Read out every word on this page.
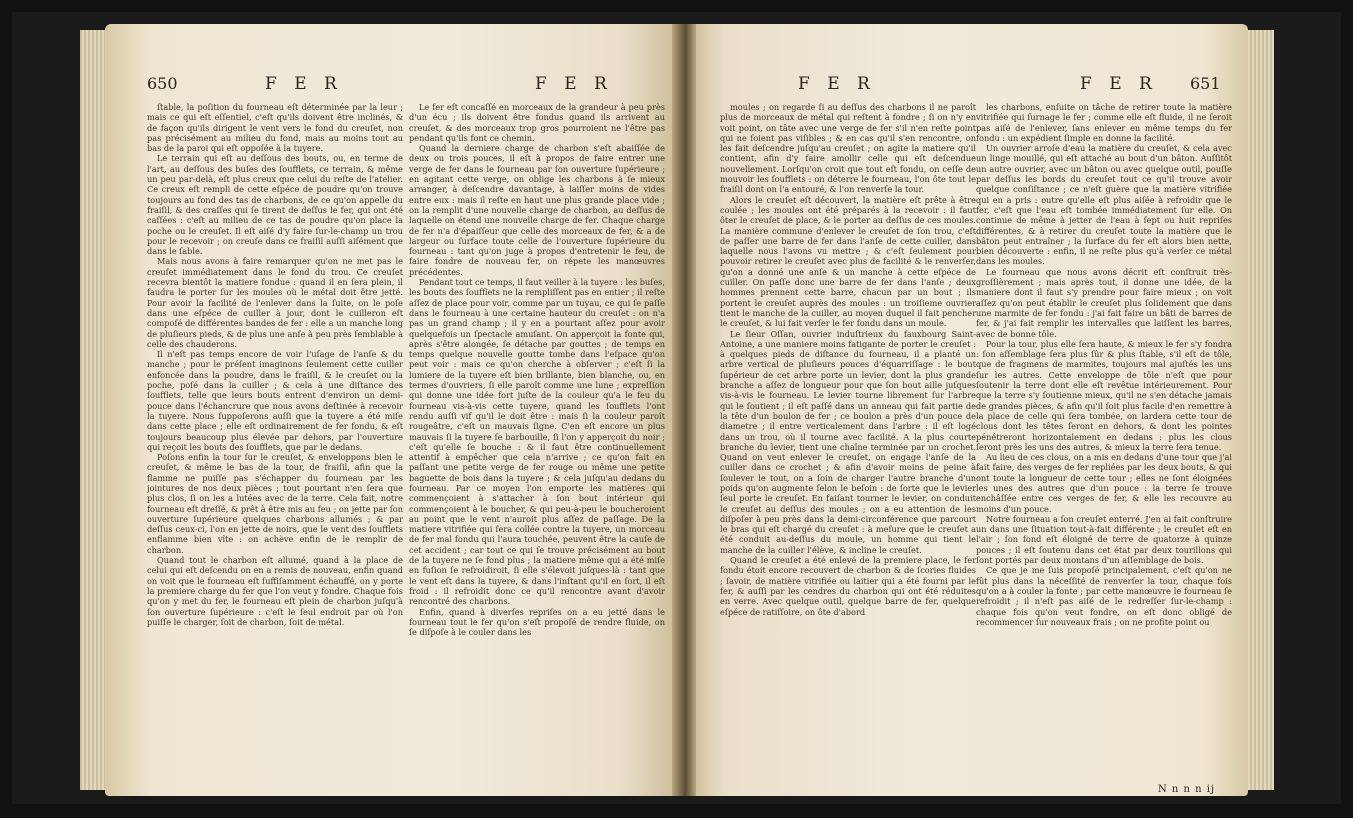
650	F E R	F E R

ſtable, la poſition du fourneau eſt déterminée par la leur ; mais ce qui eſt eſſentiel, c'eſt qu'ils doivent être inclinés, & de façon qu'ils dirigent le vent vers le fond du creuſet, non pas précisément au milieu du fond, mais au moins tout au bas de la paroi qui eſt oppoſée à la tuyere.

Le terrain qui eſt au deſſous des bouts, ou, en terme de l'art, au deſſous des buſes des ſoufflets, ce terrain, & même un peu par-delà, eſt plus creux que celui du reſte de l'atelier. Ce creux eſt rempli de cette eſpéce de poudre qu'on trouve toujours au fond des tas de charbons, de ce qu'on appelle du fraiſil, & des craſſes qui ſe tirent de deſſus le fer, qui ont été caſſées : c'eſt au milieu de ce tas de poudre qu'on place la poche ou le creuſet. Il eſt aiſé d'y faire ſur-le-champ un trou pour le recevoir ; on creuſe dans ce fraiſil auſſi aiſément que dans le ſable.

Mais nous avons à faire remarquer qu'on ne met pas le creuſet immédiatement dans le fond du trou. Ce creuſet recevra bientôt la matiere fondue : quand il en ſera plein, il faudra le porter ſur les moules où le métal doit être jetté. Pour avoir la facilité de l'enlever dans la ſuite, on le poſe dans une eſpéce de cuiller à jour, dont le cuilleron eſt compoſé de différentes bandes de fer : elle a un manche long de pluſieurs pieds, & de plus une anſe à peu près ſemblable à celle des chauderons.

Il n'eſt pas temps encore de voir l'uſage de l'anſe & du manche ; pour le préſent imaginons ſeulement cette cuiller enfoncée dans la poudre, dans le fraiſil, & le creuſet ou la poche, poſé dans la cuiller ; & cela à une diſtance des ſoufflets, telle que leurs bouts entrent d'environ un demi-pouce dans l'échancrure que nous avons deſtinée à recevoir la tuyere. Nous ſuppoſerons auſſi que la tuyere a été miſe dans cette place ; elle eſt ordinairement de fer fondu, & eſt toujours beaucoup plus élevée par dehors, par l'ouverture qui reçoit les bouts des ſoufflets, que par le dedans.

Poſons enfin la tour ſur le creuſet, & enveloppons bien le creuſet, & même le bas de la tour, de fraiſil, afin que la flamme ne puiſſe pas s'échapper du fourneau par les jointures de nos deux pièces ; tout pourtant n'en ſera que plus clos, ſi on les a lutées avec de la terre. Cela fait, notre fourneau eſt dreſſé, & prêt à être mis au feu ; on jette par ſon ouverture ſupérieure quelques charbons allumés ; & par deſſus ceux-ci, l'on en jette de noirs, que le vent des ſoufflets enflamme bien vîte : on achève enfin de le remplir de charbon.

Quand tout le charbon eſt allumé, quand à la place de celui qui eſt deſcendu on en a remis de nouveau, enfin quand on voit que le fourneau eſt ſuffiſamment échauffé, on y porte la premiere charge du fer que l'on veut y fondre. Chaque fois qu'on y met du fer, le fourneau eſt plein de charbon juſqu'à ſon ouverture ſupérieure : c'eſt le ſeul endroit par où l'on puiſſe le charger, ſoit de charbon, ſoit de métal.

Le fer eſt concaſſé en morceaux de la grandeur à peu près d'un écu ; ils doivent être fondus quand ils arrivent au creuſet, & des morceaux trop gros pourroient ne l'être pas pendant qu'ils font ce chemin.

Quand la derniere charge de charbon s'eſt abaiſſée de deux ou trois pouces, il eſt à propos de faire entrer une verge de fer dans le fourneau par ſon ouverture ſupérieure ; en agitant cette verge, on oblige les charbons à ſe mieux arranger, à deſcendre davantage, à laiſſer moins de vides entre eux : mais il reſte en haut une plus grande place vide ; on la remplit d'une nouvelle charge de charbon, au deſſus de laquelle on étend une nouvelle charge de fer. Chaque charge de fer n'a d'épaiſſeur que celle des morceaux de fer, & a de largeur ou ſurface toute celle de l'ouverture ſupérieure du fourneau : tant qu'on juge à propos d'entretenir le feu, de faire fondre de nouveau fer, on répete les manœuvres précédentes.

Pendant tout ce temps, il faut veiller à la tuyere : les buſes, les bouts des ſoufflets ne la rempliſſent pas en entier ; il reſte aſſez de place pour voir, comme par un tuyau, ce qui ſe paſſe dans le fourneau à une certaine hauteur du creuſet : on n'a pas un grand champ ; il y en a pourtant aſſez pour avoir quelquefois un ſpectacle amuſant. On apperçoit la fonte qui, après s'être alongée, ſe détache par gouttes ; de temps en temps quelque nouvelle goutte tombe dans l'eſpace qu'on peut voir : mais ce qu'on cherche à obſerver ; c'eſt ſi la lumiere de la tuyere eſt bien brillante, bien blanche, ou, en termes d'ouvriers, ſi elle paroît comme une lune ; expreſſion qui donne une idée fort juſte de la couleur qu'a le feu du fourneau vis-à-vis cette tuyere, quand les ſoufflets l'ont rendu auſſi vif qu'il le doit être : mais ſi la couleur paroît rougeâtre, c'eſt un mauvais ſigne. C'en eſt encore un plus mauvais ſi la tuyere ſe barbouille, ſi l'on y apperçoit du noir ; c'eſt qu'elle ſe bouche : & il faut être continuellement attentif à empêcher que cela n'arrive ; ce qu'on fait en paſſant une petite verge de fer rouge ou même une petite baguette de bois dans la tuyere ; & cela juſqu'au dedans du fourneau. Par ce moyen l'on emporte les matières qui commençoient à s'attacher à ſon bout intérieur qui commençoient à le boucher, & qui peu-à-peu le boucheroient au point que le vent n'auroit plus aſſez de paſſage. De la matiere vitrifiée qui ſera collée contre la tuyere, un morceau de fer mal fondu qui l'aura touchée, peuvent être la cauſe de cet accident ; car tout ce qui ſe trouve précisément au bout de la tuyere ne ſe fond plus ; la matiere même qui a été miſe en fuſion ſe refroidiroit, ſi elle s'élevoit juſques-là : tant que le vent eſt dans la tuyere, & dans l'inſtant qu'il en ſort, il eſt froid : il refroidit donc ce qu'il rencontre avant d'avoir rencontré des charbons.

Enfin, quand à diverſes repriſes on a eu jetté dans le fourneau tout le fer qu'on s'eſt propoſé de rendre fluide, on ſe diſpoſe à le couler dans les

F E R	F E R 651

moules ; on regarde ſi au deſſus des charbons il ne paroît plus de morceaux de métal qui reſtent à fondre ; ſi on n'y en voit point, on tâte avec une verge de fer s'il n'en reſte point qui ne ſoient pas viſibles ; & en cas qu'il s'en rencontre, on les fait deſcendre juſqu'au creuſet ; on agite la matiere qu'il contient, afin d'y faire amollir celle qui eſt deſcendue nouvellement. Lorſqu'on croit que tout eſt fondu, on ceſſe de mouvoir les ſoufflets : on déterre le fourneau, l'on ôte tout le fraiſil dont on l'a entouré, & l'on renverſe la tour.

Alors le creuſet eſt découvert, la matière eſt prête à être coulée ; les moules ont été préparés à la recevoir : il faut ôter le creuſet de place, & le porter au deſſus de ces moules. La manière commune d'enlever le creuſet de ſon trou, c'eſt de paſſer une barre de fer dans l'anſe de cette cuiller, dans laquelle nous l'avons vu mettre ; & c'eſt ſeulement pour pouvoir retirer le creuſet avec plus de facilité & le renverſer, qu'on a donné une anſe & un manche à cette eſpéce de cuiller. On paſſe donc une barre de fer dans l'anſe ; deux hommes prennent cette barre, chacun par un bout ; ils portent le creuſet auprès des moules : un troiſieme ouvrier tient le manche de la cuiller, au moyen duquel il fait pencher le creuſet, & lui fait verſer le fer fondu dans un moule.

Le ſieur Oſſan, ouvrier induſtrieux du fauxbourg Saint-Antoine, a une maniere moins fatigante de porter le creuſet : à quelques pieds de diſtance du fourneau, il a planté un arbre vertical de pluſieurs pouces d'équarriſſage : le bout ſupérieur de cet arbre porte un levier, dont la plus grande branche a aſſez de longueur pour que ſon bout aille juſques vis-à-vis le fourneau. Le levier tourne librement ſur l'arbre qui le ſoutient ; il eſt paſſé dans un anneau qui fait partie de la tête d'un boulon de fer ; ce boulon a près d'un pouce de diametre ; il entre verticalement dans l'arbre : il eſt logé dans un trou, où il tourne avec facilité. A la plus courte branche du levier, tient une chaîne terminée par un crochet. Quand on veut enlever le creuſet, on engage l'anſe de la cuiller dans ce crochet ; & afin d'avoir moins de peine à ſoulever le tout, on a ſoin de charger l'autre branche d'un poids qu'on augmente ſelon le beſoin : de ſorte que le levier ſeul porte le creuſet. En faiſant tourner le levier, on conduit le creuſet au deſſus des moules ; on a eu attention de les diſpoſer à peu près dans la demi-circonférence que parcourt le bras qui eſt chargé du creuſet : à meſure que le creuſet a été conduit au-deſſus du moule, un homme qui tient le manche de la cuiller l'élève, & incline le creuſet.

Quand le creuſet a été enlevé de la premiere place, le fer fondu étoit encore recouvert de charbon & de ſcories fluides ; ſavoir, de matière vitrifiée ou laitier qui a été fourni par le fer, & auſſi par les cendres du charbon qui ont été réduites en verre. Avec quelque outil, quelque barre de fer, quelque eſpéce de ratiſſoire, on ôte d'abord

les charbons, enſuite on tâche de retirer toute la matière vitrifiée qui ſurnage le fer ; comme elle eſt fluide, il ne ſeroit pas aiſé de l'enlever, ſans enlever en même temps du fer fondu : un expédient ſimple en donne la facilité.

Un ouvrier arroſe d'eau la matière du creuſet, & cela avec un linge mouillé, qui eſt attaché au bout d'un bâton. Auſſitôt un autre ouvrier, avec un bâton ou avec quelque outil, pouſſe par deſſus les bords du creuſet tout ce qu'il trouve avoir quelque conſiſtance ; ce n'eſt guère que la matière vitrifiée qui en a pris : outre qu'elle eſt plus aiſée à refroidir que le fer, c'eſt que l'eau eſt tombée immédiatement ſur elle. On continue de même à jetter de l'eau à ſept ou huit repriſes différentes, & à retirer du creuſet toute la matière que le bâton peut entraîner ; la ſurface du fer eſt alors bien nette, bien découverte : enfin, il ne reſte plus qu'à verſer ce métal dans les moules.

Le fourneau que nous avons décrit eſt conſtruit très-groſſièrement ; mais après tout, il donne une idée, de la maniere dont il faut s'y prendre pour faire mieux ; on voit aſſez qu'on peut établir le creuſet plus ſolidement que dans une marmite de fer fondu : j'ai fait faire un bâti de barres de fer, & j'ai fait remplir les intervalles que laiſſent les barres, avec de bonne tôle.

Pour la tour, plus elle ſera haute, & mieux le fer s'y fondra : ſon aſſemblage ſera plus ſûr & plus ſtable, s'il eſt de tôle, que de fragmens de marmites, toujours mal ajuſtés les uns ſur les autres. Cette enveloppe de tôle n'eſt que pour ſoutenir la terre dont elle eſt revêtue intérieurement. Pour que la terre s'y ſoutienne mieux, qu'il ne s'en détache jamais de grandes pièces, & afin qu'il ſoit plus facile d'en remettre à la place de celle qui ſera tombée, on lardera cette tour de clous dont les têtes ſeront en dehors, & dont les pointes pénétreront horizontalement en dedans : plus les clous ſeront près les uns des autres, & mieux la terre ſera tenue.

Au lieu de ces clous, on a mis en dedans d'une tour que j'ai fait faire, des verges de fer repliées par les deux bouts, & qui ont toute la longueur de cette tour ; elles ne ſont éloignées les unes des autres que d'un pouce : la terre ſe trouve enchâſſée entre ces verges de fer, & elle les recouvre au moins d'un pouce.

Notre fourneau a ſon creuſet enterré. J'en ai fait conſtruire un dans une ſituation tout-à-fait différente ; le creuſet eſt en l'air ; ſon fond eſt éloigné de terre de quatorze à quinze pouces ; il eſt ſoutenu dans cet état par deux tourillons qui ſont portés par deux montans d'un aſſemblage de bois.

Ce que je me ſuis propoſé principalement, c'eſt qu'on ne fût plus dans la néceſſité de renverſer la tour, chaque fois qu'on a à couler la fonte ; par cette manœuvre le fourneau ſe refroidit ; il n'eſt pas aiſé de le redreſſer ſur-le-champ : chaque fois qu'on veut fondre, on eſt donc obligé de recommencer ſur nouveaux frais ; on ne profite point ou

N n n n ij
